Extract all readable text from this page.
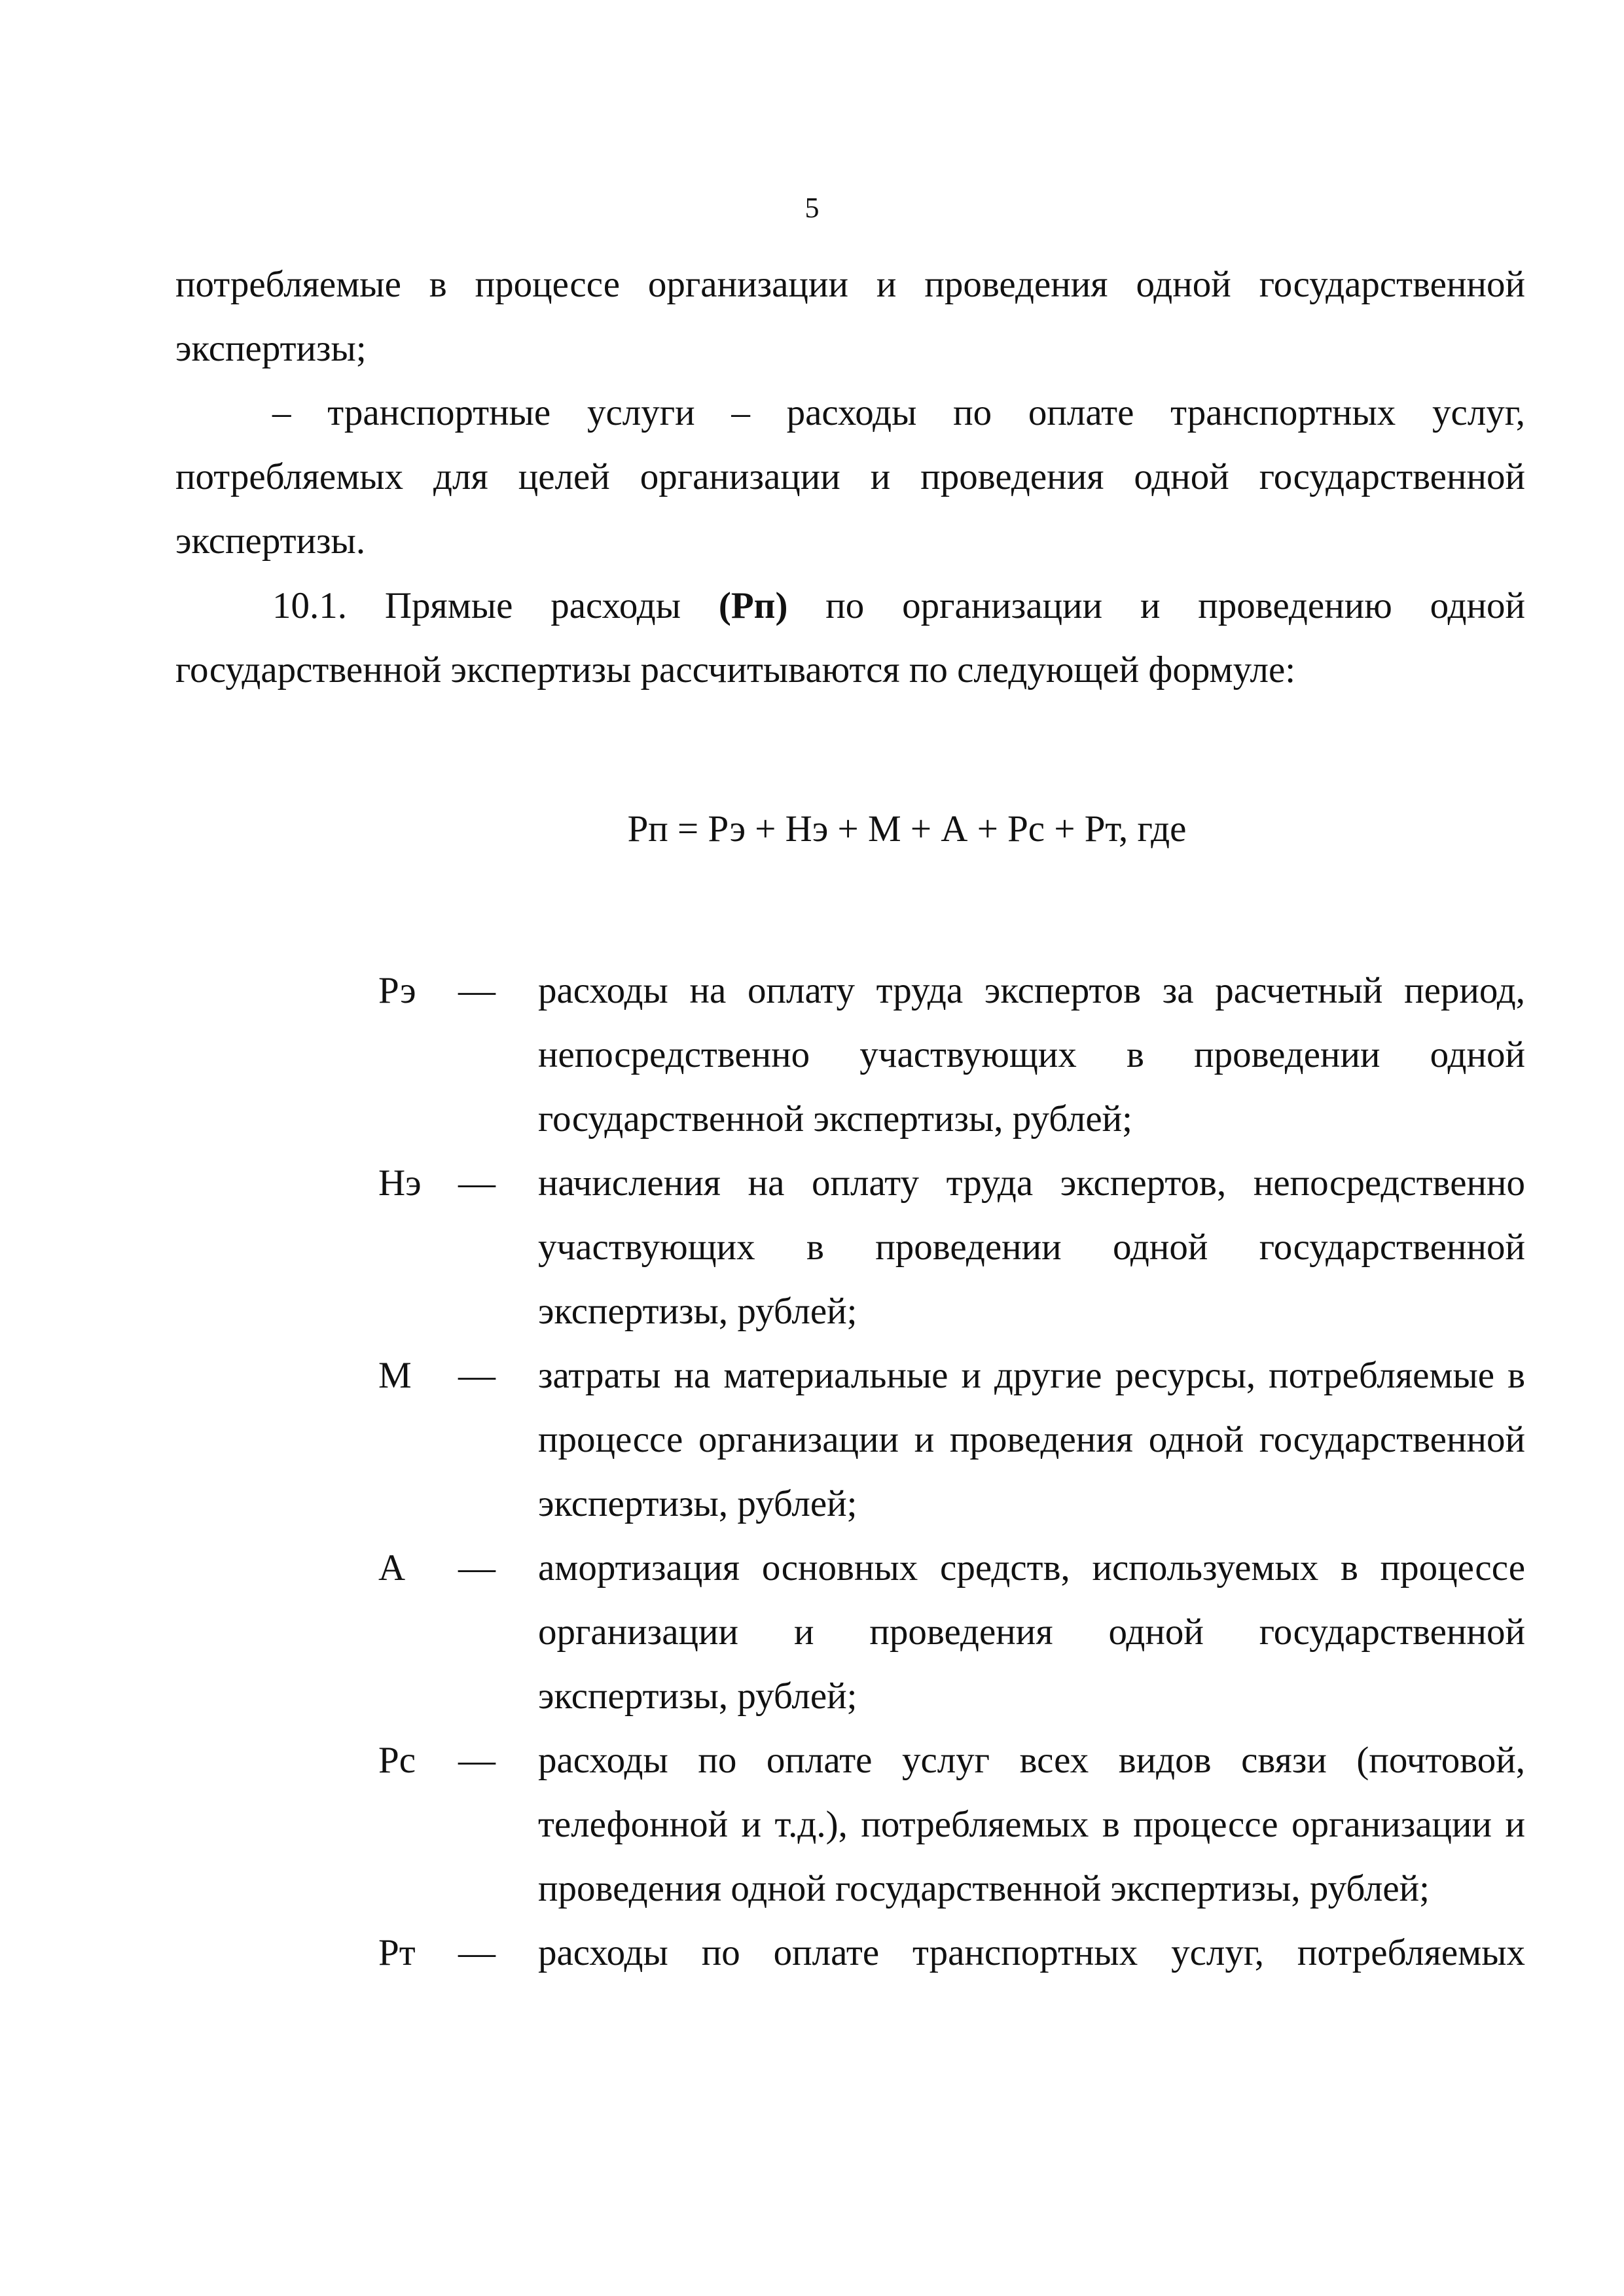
5

потребляемые в процессе организации и проведения одной государственной экспертизы;

– транспортные услуги – расходы по оплате транспортных услуг, потребляемых для целей организации и проведения одной государственной экспертизы.

10.1. Прямые расходы (Рп) по организации и проведению одной государственной экспертизы рассчитываются по следующей формуле:

Рп = Рэ + Нэ + М + А + Рс + Рт, где
Рэ — расходы на оплату труда экспертов за расчетный период, непосредственно участвующих в проведении одной государственной экспертизы, рублей;
Нэ — начисления на оплату труда экспертов, непосредственно участвующих в проведении одной государственной экспертизы, рублей;
М — затраты на материальные и другие ресурсы, потребляемые в процессе организации и проведения одной государственной экспертизы, рублей;
А — амортизация основных средств, используемых в процессе организации и проведения одной государственной экспертизы, рублей;
Рс — расходы по оплате услуг всех видов связи (почтовой, телефонной и т.д.), потребляемых в процессе организации и проведения одной государственной экспертизы, рублей;
Рт — расходы по оплате транспортных услуг, потребляемых
